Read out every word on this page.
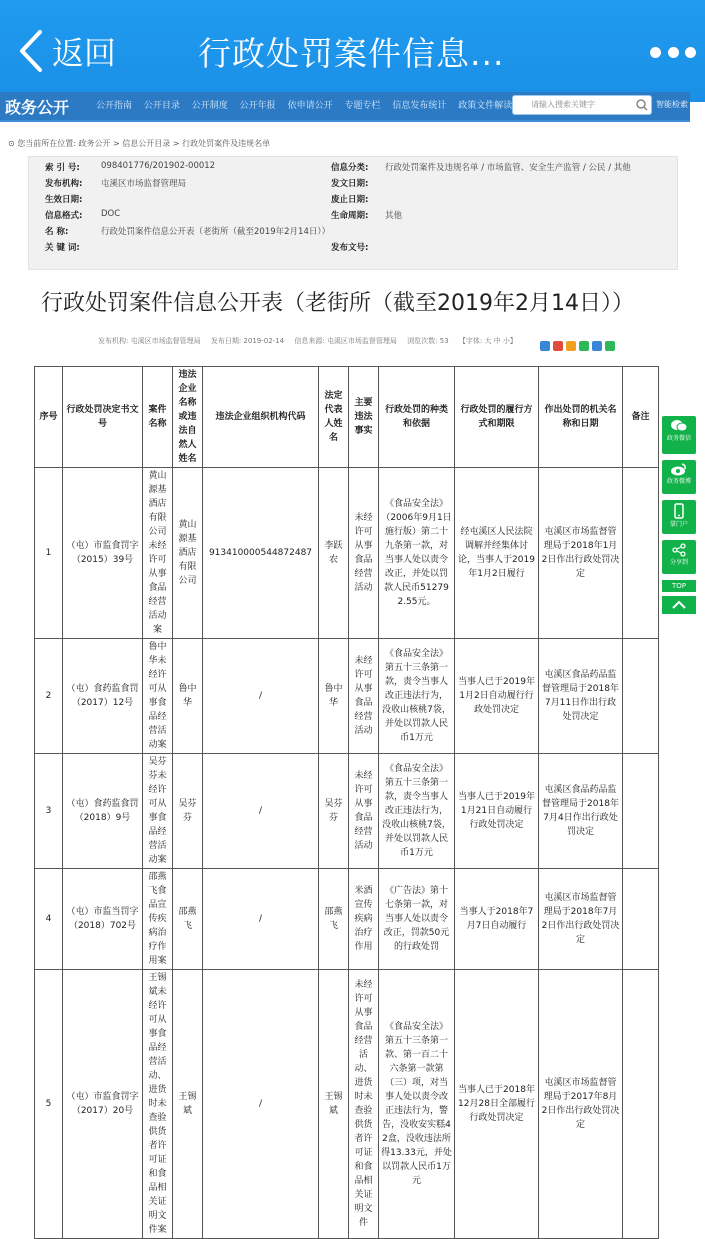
返回 行政处罚案件信息...
政务公开	公开指南 公开目录 公开制度 公开年报 依申请公开 专题专栏 信息发布统计 政策文件解读	请输入搜索关键字	智能检索
⊙ 您当前所在位置: 政务公开 > 信息公开目录 > 行政处罚案件及违规名单
索 引 号: 098401776/201902-00012	信息分类: 行政处罚案件及违规名单 / 市场监管、安全生产监管 / 公民 / 其他
发布机构: 屯溪区市场监督管理局	发文日期:
生效日期:	废止日期:
信息格式: DOC	生命周期: 其他
名 称:	行政处罚案件信息公开表（老街所（截至2019年2月14日））
关 键 词:	发布文号:
行政处罚案件信息公开表（老街所（截至2019年2月14日））
发布机构: 屯溪区市场监督管理局 发布日期: 2019-02-14 信息来源: 屯溪区市场监督管理局 浏览次数: 53 【字体: 大 中 小】
序号	行政处罚决定书文号	案件名称	违法企业名称或违法自然人姓名	违法企业组织机构代码	法定代表人姓名	主要违法事实	行政处罚的种类和依据	行政处罚的履行方式和期限	作出处罚的机关名称和日期	备注
1	（屯）市监食罚字（2015）39号	黄山源基酒店有限公司未经许可从事食品经营活动案	黄山源基酒店有限公司	913410000544872487	李跃农	未经许可从事食品经营活动	《食品安全法》（2006年9月1日施行版）第二十九条第一款，对当事人处以责令改正，并处以罚款人民币512792.55元。	经屯溪区人民法院调解并经集体讨论，当事人于2019年1月2日履行	屯溪区市场监督管理局于2018年1月2日作出行政处罚决定	
2	（屯）食药监食罚（2017）12号	鲁中华未经许可从事食品经营活动案	鲁中华	/	鲁中华	未经许可从事食品经营活动	《食品安全法》第五十三条第一款，责令当事人改正违法行为，没收山核桃7袋，并处以罚款人民币1万元	当事人已于2019年1月2日自动履行行政处罚决定	屯溪区食品药品监督管理局于2018年7月11日作出行政处罚决定	
3	（屯）食药监食罚（2018）9号	吴芬芬未经许可从事食品经营活动案	吴芬芬	/	吴芬芬	未经许可从事食品经营活动	《食品安全法》第五十三条第一款，责令当事人改正违法行为，没收山核桃7袋，并处以罚款人民币1万元	当事人已于2019年1月21日自动履行行政处罚决定	屯溪区食品药品监督管理局于2018年7月4日作出行政处罚决定	
4	（屯）市监当罚字（2018）702号	邵燕飞食品宣传疾病治疗作用案	邵燕飞	/	邵燕飞	米酒宣传疾病治疗作用	《广告法》第十七条第一款，对当事人处以责令改正，罚款50元的行政处罚	当事人于2018年7月7日自动履行	屯溪区市场监督管理局于2018年7月2日作出行政处罚决定	
5	（屯）市监食罚字（2017）20号	王锡斌未经许可从事食品经营活动、进货时未查验供货者许可证和食品相关证明文件案	王锡斌	/	王锡斌	未经许可从事食品经营活动、进货时未查验供货者许可证和食品相关证明文件	《食品安全法》第五十三条第一款、第一百二十六条第一款第（三）项，对当事人处以责令改正违法行为，警告，没收安实糕42盒，没收违法所得13.33元，并处以罚款人民币1万元	当事人已于2018年12月28日全部履行行政处罚决定	屯溪区市场监督管理局于2017年8月2日作出行政处罚决定	
政务微信
政务微博
掌门户
分享到
TOP
